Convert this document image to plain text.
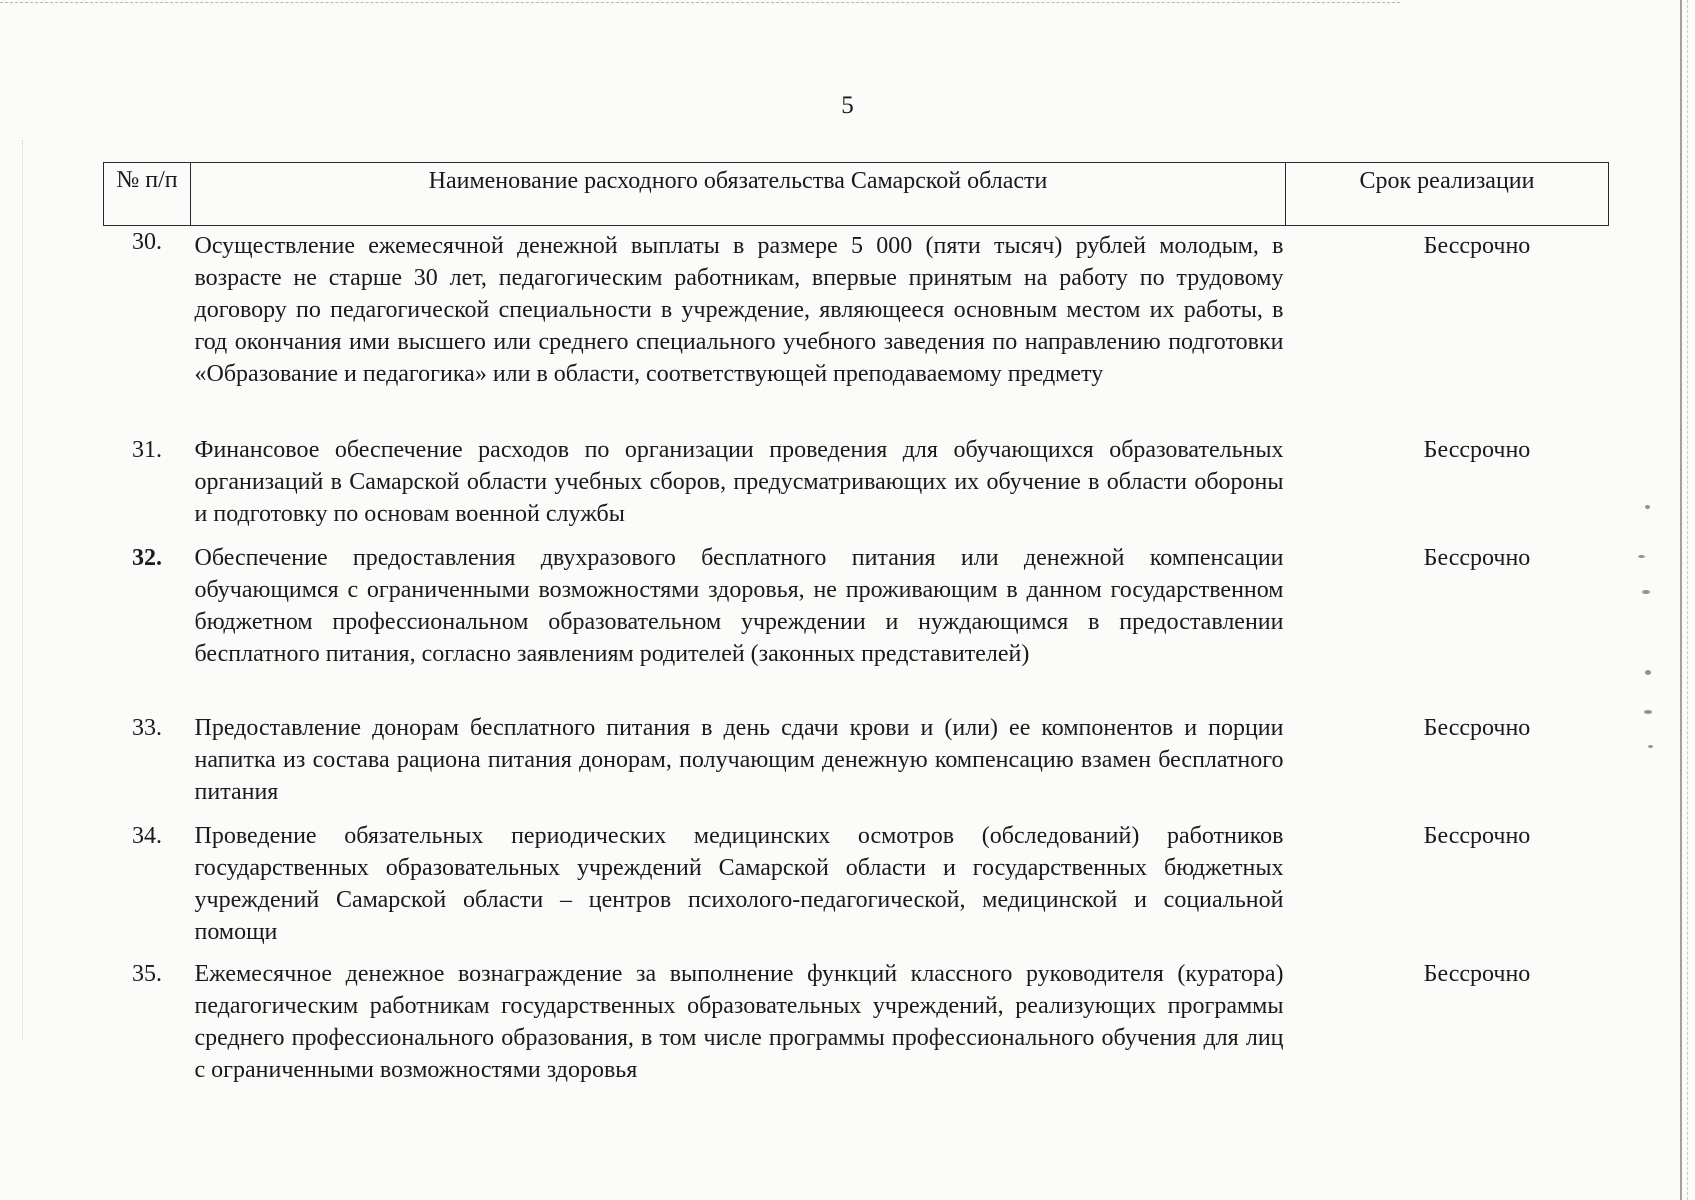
5
№ п/п	Наименование расходного обязательства Самарской области	Срок реализации
30.	Осуществление ежемесячной денежной выплаты в размере 5 000 (пяти тысяч) рублей молодым, в возрасте не старше 30 лет, педагогическим работникам, впервые принятым на работу по трудовому договору по педагогической специальности в учреждение, являющееся основным местом их работы, в год окончания ими высшего или среднего специального учебного заведения по направлению подготовки «Образование и педагогика» или в области, соответствующей преподаваемому предмету	Бессрочно
31.	Финансовое обеспечение расходов по организации проведения для обучающихся образовательных организаций в Самарской области учебных сборов, предусматривающих их обучение в области обороны и подготовку по основам военной службы	Бессрочно
32.	Обеспечение предоставления двухразового бесплатного питания или денежной компенсации обучающимся с ограниченными возможностями здоровья, не проживающим в данном государственном бюджетном профессиональном образовательном учреждении и нуждающимся в предоставлении бесплатного питания, согласно заявлениям родителей (законных представителей)	Бессрочно
33.	Предоставление донорам бесплатного питания в день сдачи крови и (или) ее компонентов и порции напитка из состава рациона питания донорам, получающим денежную компенсацию взамен бесплатного питания	Бессрочно
34.	Проведение обязательных периодических медицинских осмотров (обследований) работников государственных образовательных учреждений Самарской области и государственных бюджетных учреждений Самарской области – центров психолого-педагогической, медицинской и социальной помощи	Бессрочно
35.	Ежемесячное денежное вознаграждение за выполнение функций классного руководителя (куратора) педагогическим работникам государственных образовательных учреждений, реализующих программы среднего профессионального образования, в том числе программы профессионального обучения для лиц с ограниченными возможностями здоровья	Бессрочно
